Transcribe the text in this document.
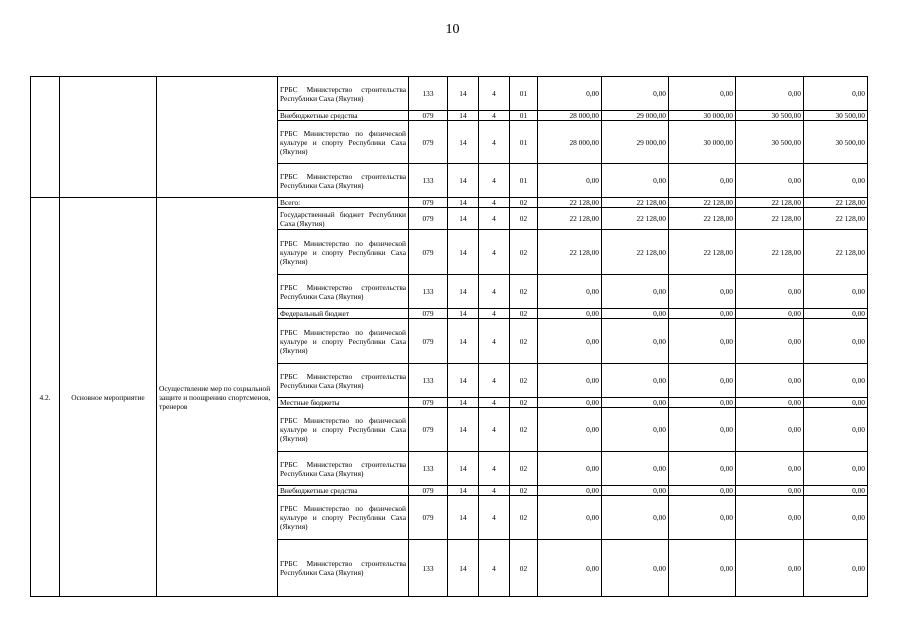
10
			ГРБС Министерство строительства Республики Саха (Якутия)	133	14	4	01	0,00	0,00	0,00	0,00	0,00
			Внебюджетные средства	079	14	4	01	28 000,00	29 000,00	30 000,00	30 500,00	30 500,00
			ГРБС Министерство по физической культуре и спорту Республики Саха (Якутия)	079	14	4	01	28 000,00	29 000,00	30 000,00	30 500,00	30 500,00
			ГРБС Министерство строительства Республики Саха (Якутия)	133	14	4	01	0,00	0,00	0,00	0,00	0,00
4.2.	Основное мероприятие	Осуществление мер по социальной защите и поощрению спортсменов, тренеров	Всего:	079	14	4	02	22 128,00	22 128,00	22 128,00	22 128,00	22 128,00
			Государственный бюджет Республики Саха (Якутия)	079	14	4	02	22 128,00	22 128,00	22 128,00	22 128,00	22 128,00
			ГРБС Министерство по физической культуре и спорту Республики Саха (Якутия)	079	14	4	02	22 128,00	22 128,00	22 128,00	22 128,00	22 128,00
			ГРБС Министерство строительства Республики Саха (Якутия)	133	14	4	02	0,00	0,00	0,00	0,00	0,00
			Федеральный бюджет	079	14	4	02	0,00	0,00	0,00	0,00	0,00
			ГРБС Министерство по физической культуре и спорту Республики Саха (Якутия)	079	14	4	02	0,00	0,00	0,00	0,00	0,00
			ГРБС Министерство строительства Республики Саха (Якутия)	133	14	4	02	0,00	0,00	0,00	0,00	0,00
			Местные бюджеты	079	14	4	02	0,00	0,00	0,00	0,00	0,00
			ГРБС Министерство по физической культуре и спорту Республики Саха (Якутия)	079	14	4	02	0,00	0,00	0,00	0,00	0,00
			ГРБС Министерство строительства Республики Саха (Якутия)	133	14	4	02	0,00	0,00	0,00	0,00	0,00
			Внебюджетные средства	079	14	4	02	0,00	0,00	0,00	0,00	0,00
			ГРБС Министерство по физической культуре и спорту Республики Саха (Якутия)	079	14	4	02	0,00	0,00	0,00	0,00	0,00
			ГРБС Министерство строительства Республики Саха (Якутия)	133	14	4	02	0,00	0,00	0,00	0,00	0,00
